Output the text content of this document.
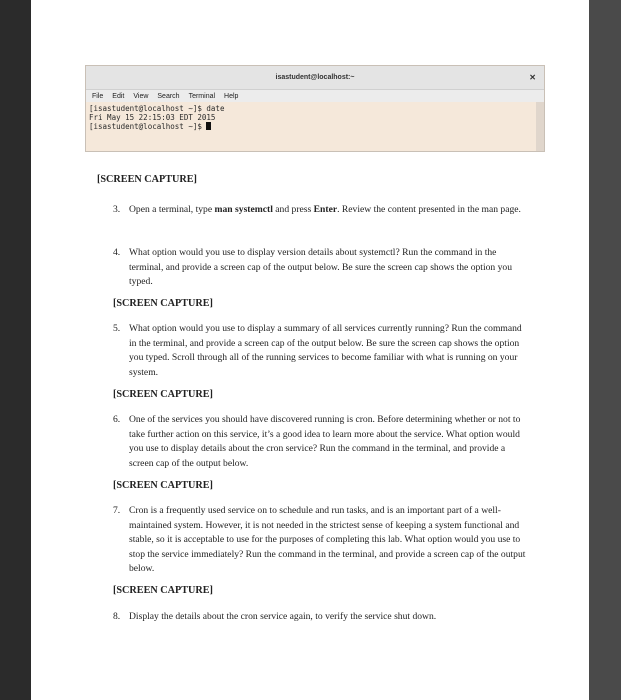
isastudent@localhost:~	✕
File Edit View Search Terminal Help
[isastudent@localhost ~]$ date
Fri May 15 22:15:03 EDT 2015
[isastudent@localhost ~]$
[SCREEN CAPTURE]
3. Open a terminal, type man systemctl and press Enter. Review the content presented in the man page.
4. What option would you use to display version details about systemctl? Run the command in the terminal, and provide a screen cap of the output below. Be sure the screen cap shows the option you typed.
[SCREEN CAPTURE]
5. What option would you use to display a summary of all services currently running? Run the command in the terminal, and provide a screen cap of the output below. Be sure the screen cap shows the option you typed. Scroll through all of the running services to become familiar with what is running on your system.
[SCREEN CAPTURE]
6. One of the services you should have discovered running is cron. Before determining whether or not to take further action on this service, it’s a good idea to learn more about the service. What option would you use to display details about the cron service? Run the command in the terminal, and provide a screen cap of the output below.
[SCREEN CAPTURE]
7. Cron is a frequently used service on to schedule and run tasks, and is an important part of a well-maintained system. However, it is not needed in the strictest sense of keeping a system functional and stable, so it is acceptable to use for the purposes of completing this lab. What option would you use to stop the service immediately? Run the command in the terminal, and provide a screen cap of the output below.
[SCREEN CAPTURE]
8. Display the details about the cron service again, to verify the service shut down.
